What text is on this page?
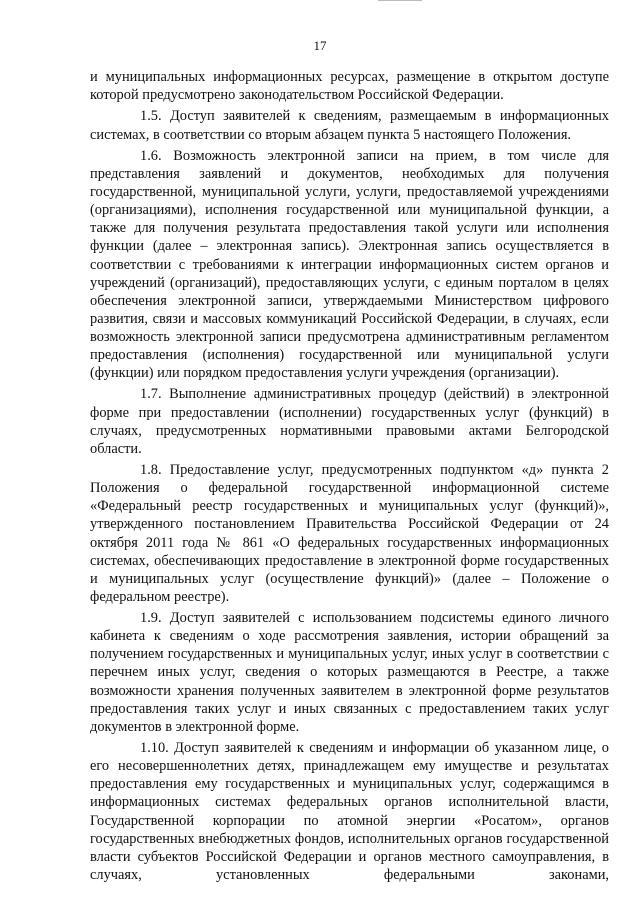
17

и муниципальных информационных ресурсах, размещение в открытом доступе которой предусмотрено законодательством Российской Федерации.

1.5. Доступ заявителей к сведениям, размещаемым в информационных системах, в соответствии со вторым абзацем пункта 5 настоящего Положения.

1.6. Возможность электронной записи на прием, в том числе для представления заявлений и документов, необходимых для получения государственной, муниципальной услуги, услуги, предоставляемой учреждениями (организациями), исполнения государственной или муниципальной функции, а также для получения результата предоставления такой услуги или исполнения функции (далее – электронная запись). Электронная запись осуществляется в соответствии с требованиями к интеграции информационных систем органов и учреждений (организаций), предоставляющих услуги, с единым порталом в целях обеспечения электронной записи, утверждаемыми Министерством цифрового развития, связи и массовых коммуникаций Российской Федерации, в случаях, если возможность электронной записи предусмотрена административным регламентом предоставления (исполнения) государственной или муниципальной услуги (функции) или порядком предоставления услуги учреждения (организации).

1.7. Выполнение административных процедур (действий) в электронной форме при предоставлении (исполнении) государственных услуг (функций) в случаях, предусмотренных нормативными правовыми актами Белгородской области.

1.8. Предоставление услуг, предусмотренных подпунктом «д» пункта 2 Положения о федеральной государственной информационной системе «Федеральный реестр государственных и муниципальных услуг (функций)», утвержденного постановлением Правительства Российской Федерации от 24 октября 2011 года № 861 «О федеральных государственных информационных системах, обеспечивающих предоставление в электронной форме государственных и муниципальных услуг (осуществление функций)» (далее – Положение о федеральном реестре).

1.9. Доступ заявителей с использованием подсистемы единого личного кабинета к сведениям о ходе рассмотрения заявления, истории обращений за получением государственных и муниципальных услуг, иных услуг в соответствии с перечнем иных услуг, сведения о которых размещаются в Реестре, а также возможности хранения полученных заявителем в электронной форме результатов предоставления таких услуг и иных связанных с предоставлением таких услуг документов в электронной форме.

1.10. Доступ заявителей к сведениям и информации об указанном лице, о его несовершеннолетних детях, принадлежащем ему имуществе и результатах предоставления ему государственных и муниципальных услуг, содержащимся в информационных системах федеральных органов исполнительной власти, Государственной корпорации по атомной энергии «Росатом», органов государственных внебюджетных фондов, исполнительных органов государственной власти субъектов Российской Федерации и органов местного самоуправления, в случаях, установленных федеральными законами,
